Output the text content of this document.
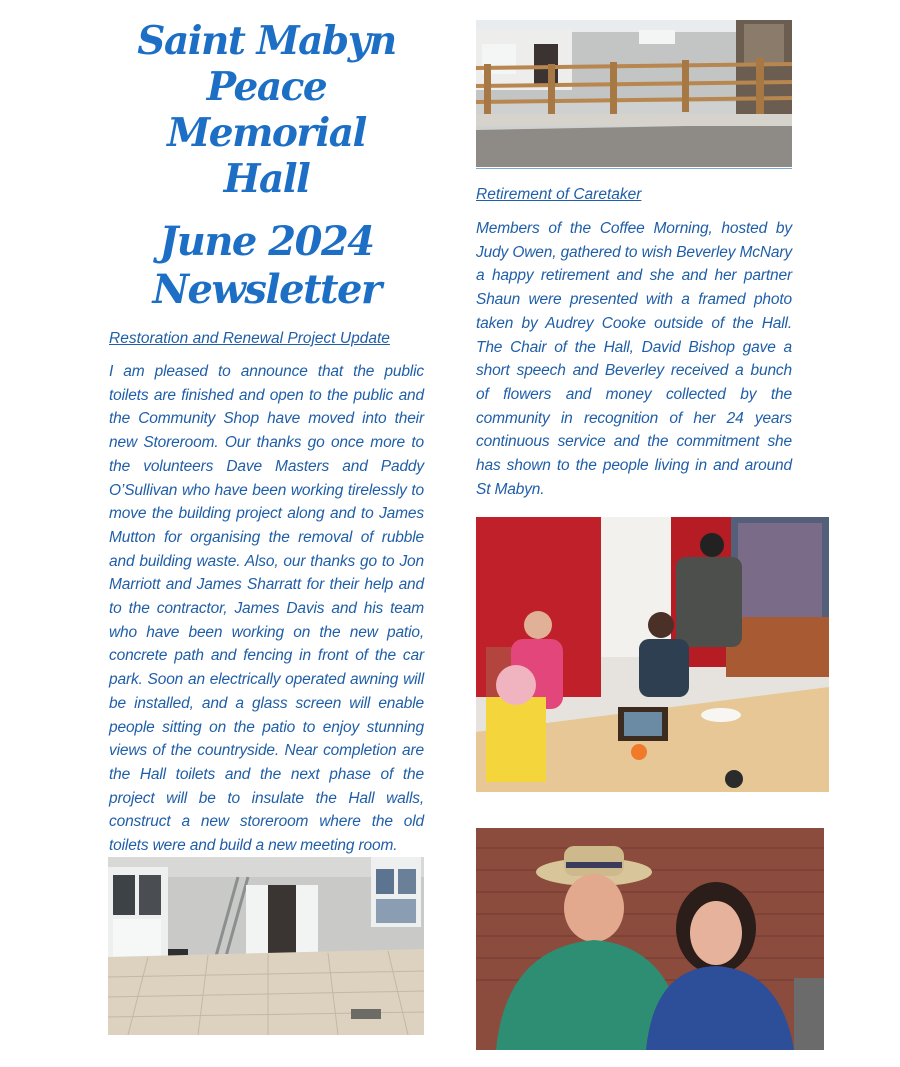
Saint Mabyn
Peace Memorial
Hall
June 2024
Newsletter

Restoration and Renewal Project Update

I am pleased to announce that the public toilets are finished and open to the public and the Community Shop have moved into their new Storeroom. Our thanks go once more to the volunteers Dave Masters and Paddy O’Sullivan who have been working tirelessly to move the building project along and to James Mutton for organising the removal of rubble and building waste. Also, our thanks go to Jon Marriott and James Sharratt for their help and to the contractor, James Davis and his team who have been working on the new patio, concrete path and fencing in front of the car park. Soon an electrically operated awning will be installed, and a glass screen will enable people sitting on the patio to enjoy stunning views of the countryside. Near completion are the Hall toilets and the next phase of the project will be to insulate the Hall walls, construct a new storeroom where the old toilets were and build a new meeting room.

Retirement of Caretaker

Members of the Coffee Morning, hosted by Judy Owen, gathered to wish Beverley McNary a happy retirement and she and her partner Shaun were presented with a framed photo taken by Audrey Cooke outside of the Hall. The Chair of the Hall, David Bishop gave a short speech and Beverley received a bunch of flowers and money collected by the community in recognition of her 24 years continuous service and the commitment she has shown to the people living in and around St Mabyn.
